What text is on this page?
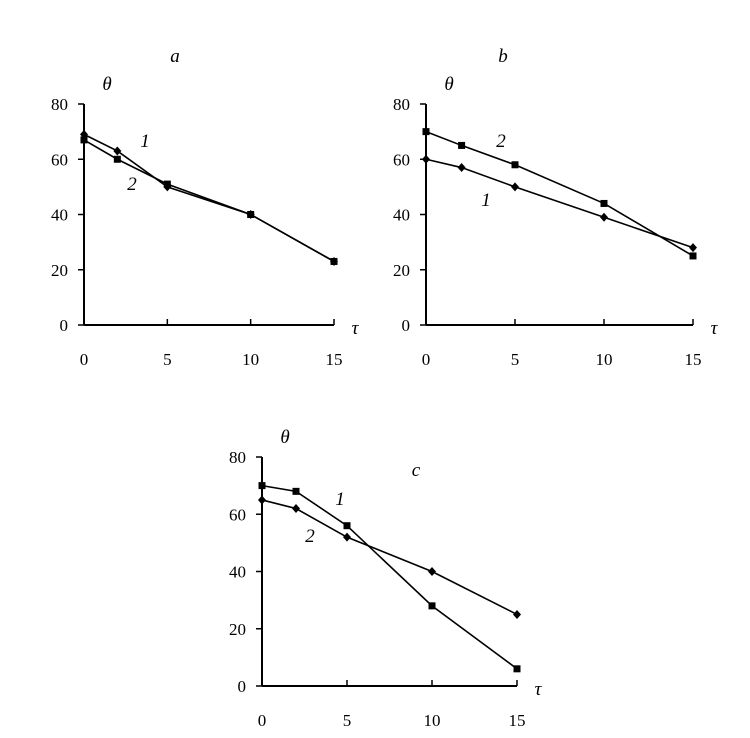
0
20
40
60
80
0	5	10	15
θ
τ
a
1
2
0
20
40
60
80
0	5	10	15
θ
τ
b
1
2
0
20
40
60
80
0	5	10	15
θ
τ
c
1
2
